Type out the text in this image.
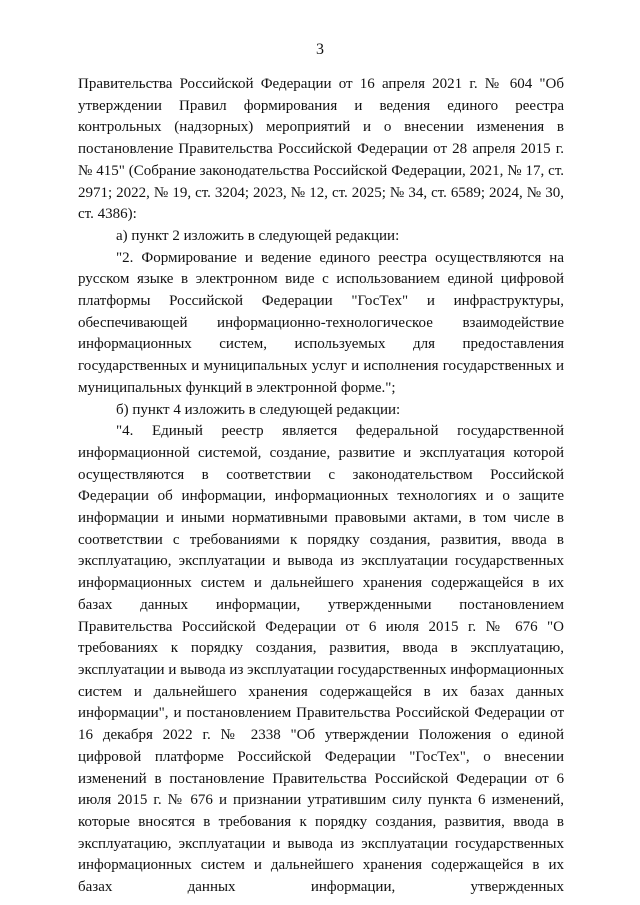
3

Правительства Российской Федерации от 16 апреля 2021 г. № 604 "Об утверждении Правил формирования и ведения единого реестра контрольных (надзорных) мероприятий и о внесении изменения в постановление Правительства Российской Федерации от 28 апреля 2015 г. № 415" (Собрание законодательства Российской Федерации, 2021, № 17, ст. 2971; 2022, № 19, ст. 3204; 2023, № 12, ст. 2025; № 34, ст. 6589; 2024, № 30, ст. 4386):

а) пункт 2 изложить в следующей редакции:

"2. Формирование и ведение единого реестра осуществляются на русском языке в электронном виде с использованием единой цифровой платформы Российской Федерации "ГосТех" и инфраструктуры, обеспечивающей информационно-технологическое взаимодействие информационных систем, используемых для предоставления государственных и муниципальных услуг и исполнения государственных и муниципальных функций в электронной форме.";

б) пункт 4 изложить в следующей редакции:

"4. Единый реестр является федеральной государственной информационной системой, создание, развитие и эксплуатация которой осуществляются в соответствии с законодательством Российской Федерации об информации, информационных технологиях и о защите информации и иными нормативными правовыми актами, в том числе в соответствии с требованиями к порядку создания, развития, ввода в эксплуатацию, эксплуатации и вывода из эксплуатации государственных информационных систем и дальнейшего хранения содержащейся в их базах данных информации, утвержденными постановлением Правительства Российской Федерации от 6 июля 2015 г. № 676 "О требованиях к порядку создания, развития, ввода в эксплуатацию, эксплуатации и вывода из эксплуатации государственных информационных систем и дальнейшего хранения содержащейся в их базах данных информации", и постановлением Правительства Российской Федерации от 16 декабря 2022 г. № 2338 "Об утверждении Положения о единой цифровой платформе Российской Федерации "ГосТех", о внесении изменений в постановление Правительства Российской Федерации от 6 июля 2015 г. № 676 и признании утратившим силу пункта 6 изменений, которые вносятся в требования к порядку создания, развития, ввода в эксплуатацию, эксплуатации и вывода из эксплуатации государственных информационных систем и дальнейшего хранения содержащейся в их базах данных информации, утвержденных
